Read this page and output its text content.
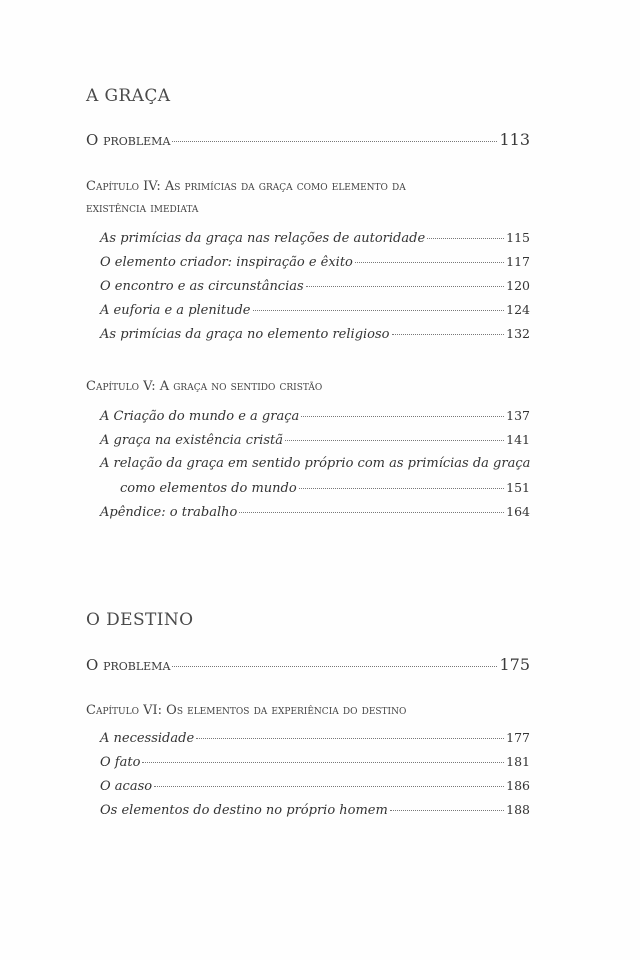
A GRAÇA
O problema	113
Capítulo IV: As primícias da graça como elemento da
existência imediata
As primícias da graça nas relações de autoridade	115
O elemento criador: inspiração e êxito	117
O encontro e as circunstâncias	120
A euforia e a plenitude	124
As primícias da graça no elemento religioso	132
Capítulo V: A graça no sentido cristão
A Criação do mundo e a graça	137
A graça na existência cristã	141
A relação da graça em sentido próprio com as primícias da graça
como elementos do mundo	151
Apêndice: o trabalho	164
O DESTINO
O problema	175
Capítulo VI: Os elementos da experiência do destino
A necessidade	177
O fato	181
O acaso	186
Os elementos do destino no próprio homem	188
